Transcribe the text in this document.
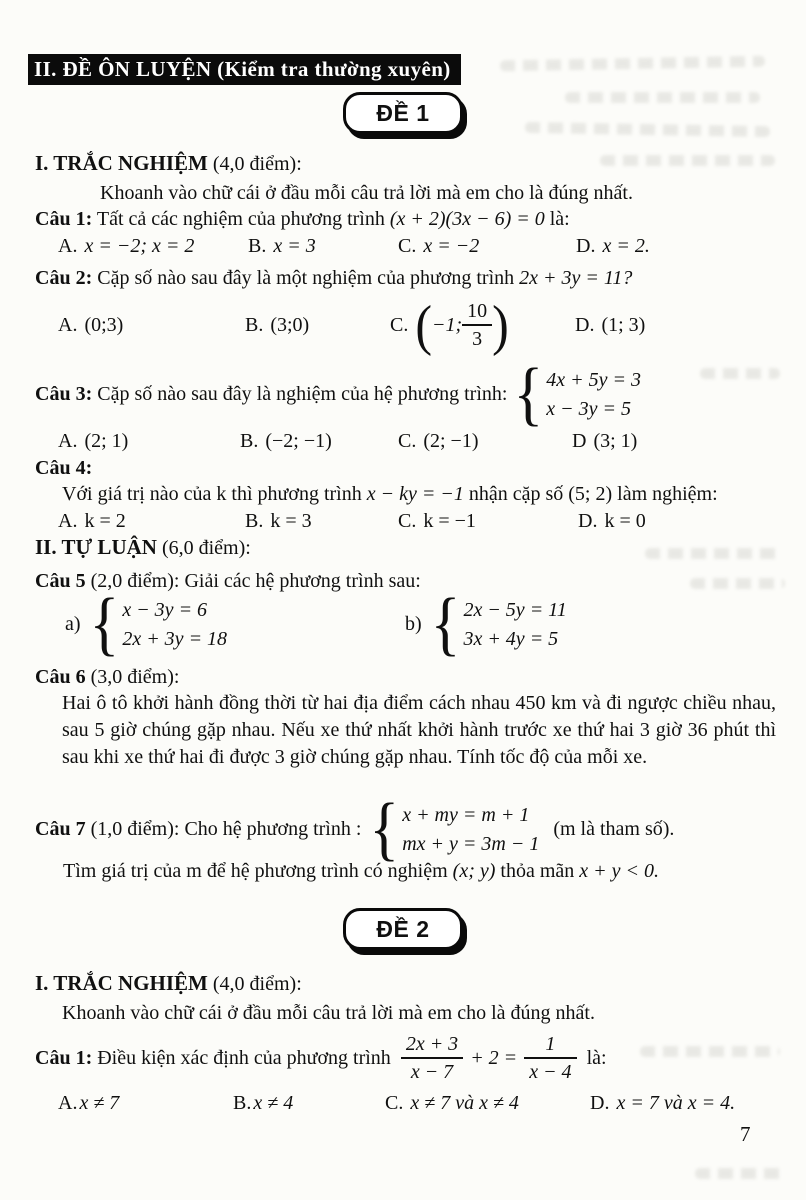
II. ĐỀ ÔN LUYỆN (Kiểm tra thường xuyên)
ĐỀ 1
I. TRẮC NGHIỆM (4,0 điểm):
Khoanh vào chữ cái ở đầu mỗi câu trả lời mà em cho là đúng nhất.
Câu 1: Tất cả các nghiệm của phương trình (x + 2)(3x − 6) = 0 là:
A. x = −2; x = 2	B. x = 3	C. x = −2	D. x = 2.
Câu 2: Cặp số nào sau đây là một nghiệm của phương trình 2x + 3y = 11?
A. (0;3)	B. (3;0)	C. ( −1; $\frac{10}{3}$ )	D. (1; 3)
Câu 3: Cặp số nào sau đây là nghiệm của hệ phương trình: { 4x + 5y = 3
x − 3y = 5
A. (2; 1)	B. (−2; −1)	C. (2; −1)	D (3; 1)
Câu 4:
Với giá trị nào của k thì phương trình x − ky = −1 nhận cặp số (5; 2) làm nghiệm:
A. k = 2	B. k = 3	C. k = −1	D. k = 0
II. TỰ LUẬN (6,0 điểm):
Câu 5 (2,0 điểm): Giải các hệ phương trình sau:
a) { x − 3y = 6
2x + 3y = 18
b) { 2x − 5y = 11
3x + 4y = 5
Câu 6 (3,0 điểm):
Hai ô tô khởi hành đồng thời từ hai địa điểm cách nhau 450 km và đi ngược chiều nhau, sau 5 giờ chúng gặp nhau. Nếu xe thứ nhất khởi hành trước xe thứ hai 3 giờ 36 phút thì sau khi xe thứ hai đi được 3 giờ chúng gặp nhau. Tính tốc độ của mỗi xe.
Câu 7 (1,0 điểm): Cho hệ phương trình : { x + my = m + 1
mx + y = 3m − 1
(m là tham số).
Tìm giá trị của m để hệ phương trình có nghiệm (x; y) thỏa mãn x + y < 0.
ĐỀ 2
I. TRẮC NGHIỆM (4,0 điểm):
Khoanh vào chữ cái ở đầu mỗi câu trả lời mà em cho là đúng nhất.
Câu 1: Điều kiện xác định của phương trình $\frac{2x + 3}{x - 7} + 2 = \frac{1}{x - 4}$ là:
A. x ≠ 7	B. x ≠ 4	C. x ≠ 7 và x ≠ 4	D. x = 7 và x = 4.
7
